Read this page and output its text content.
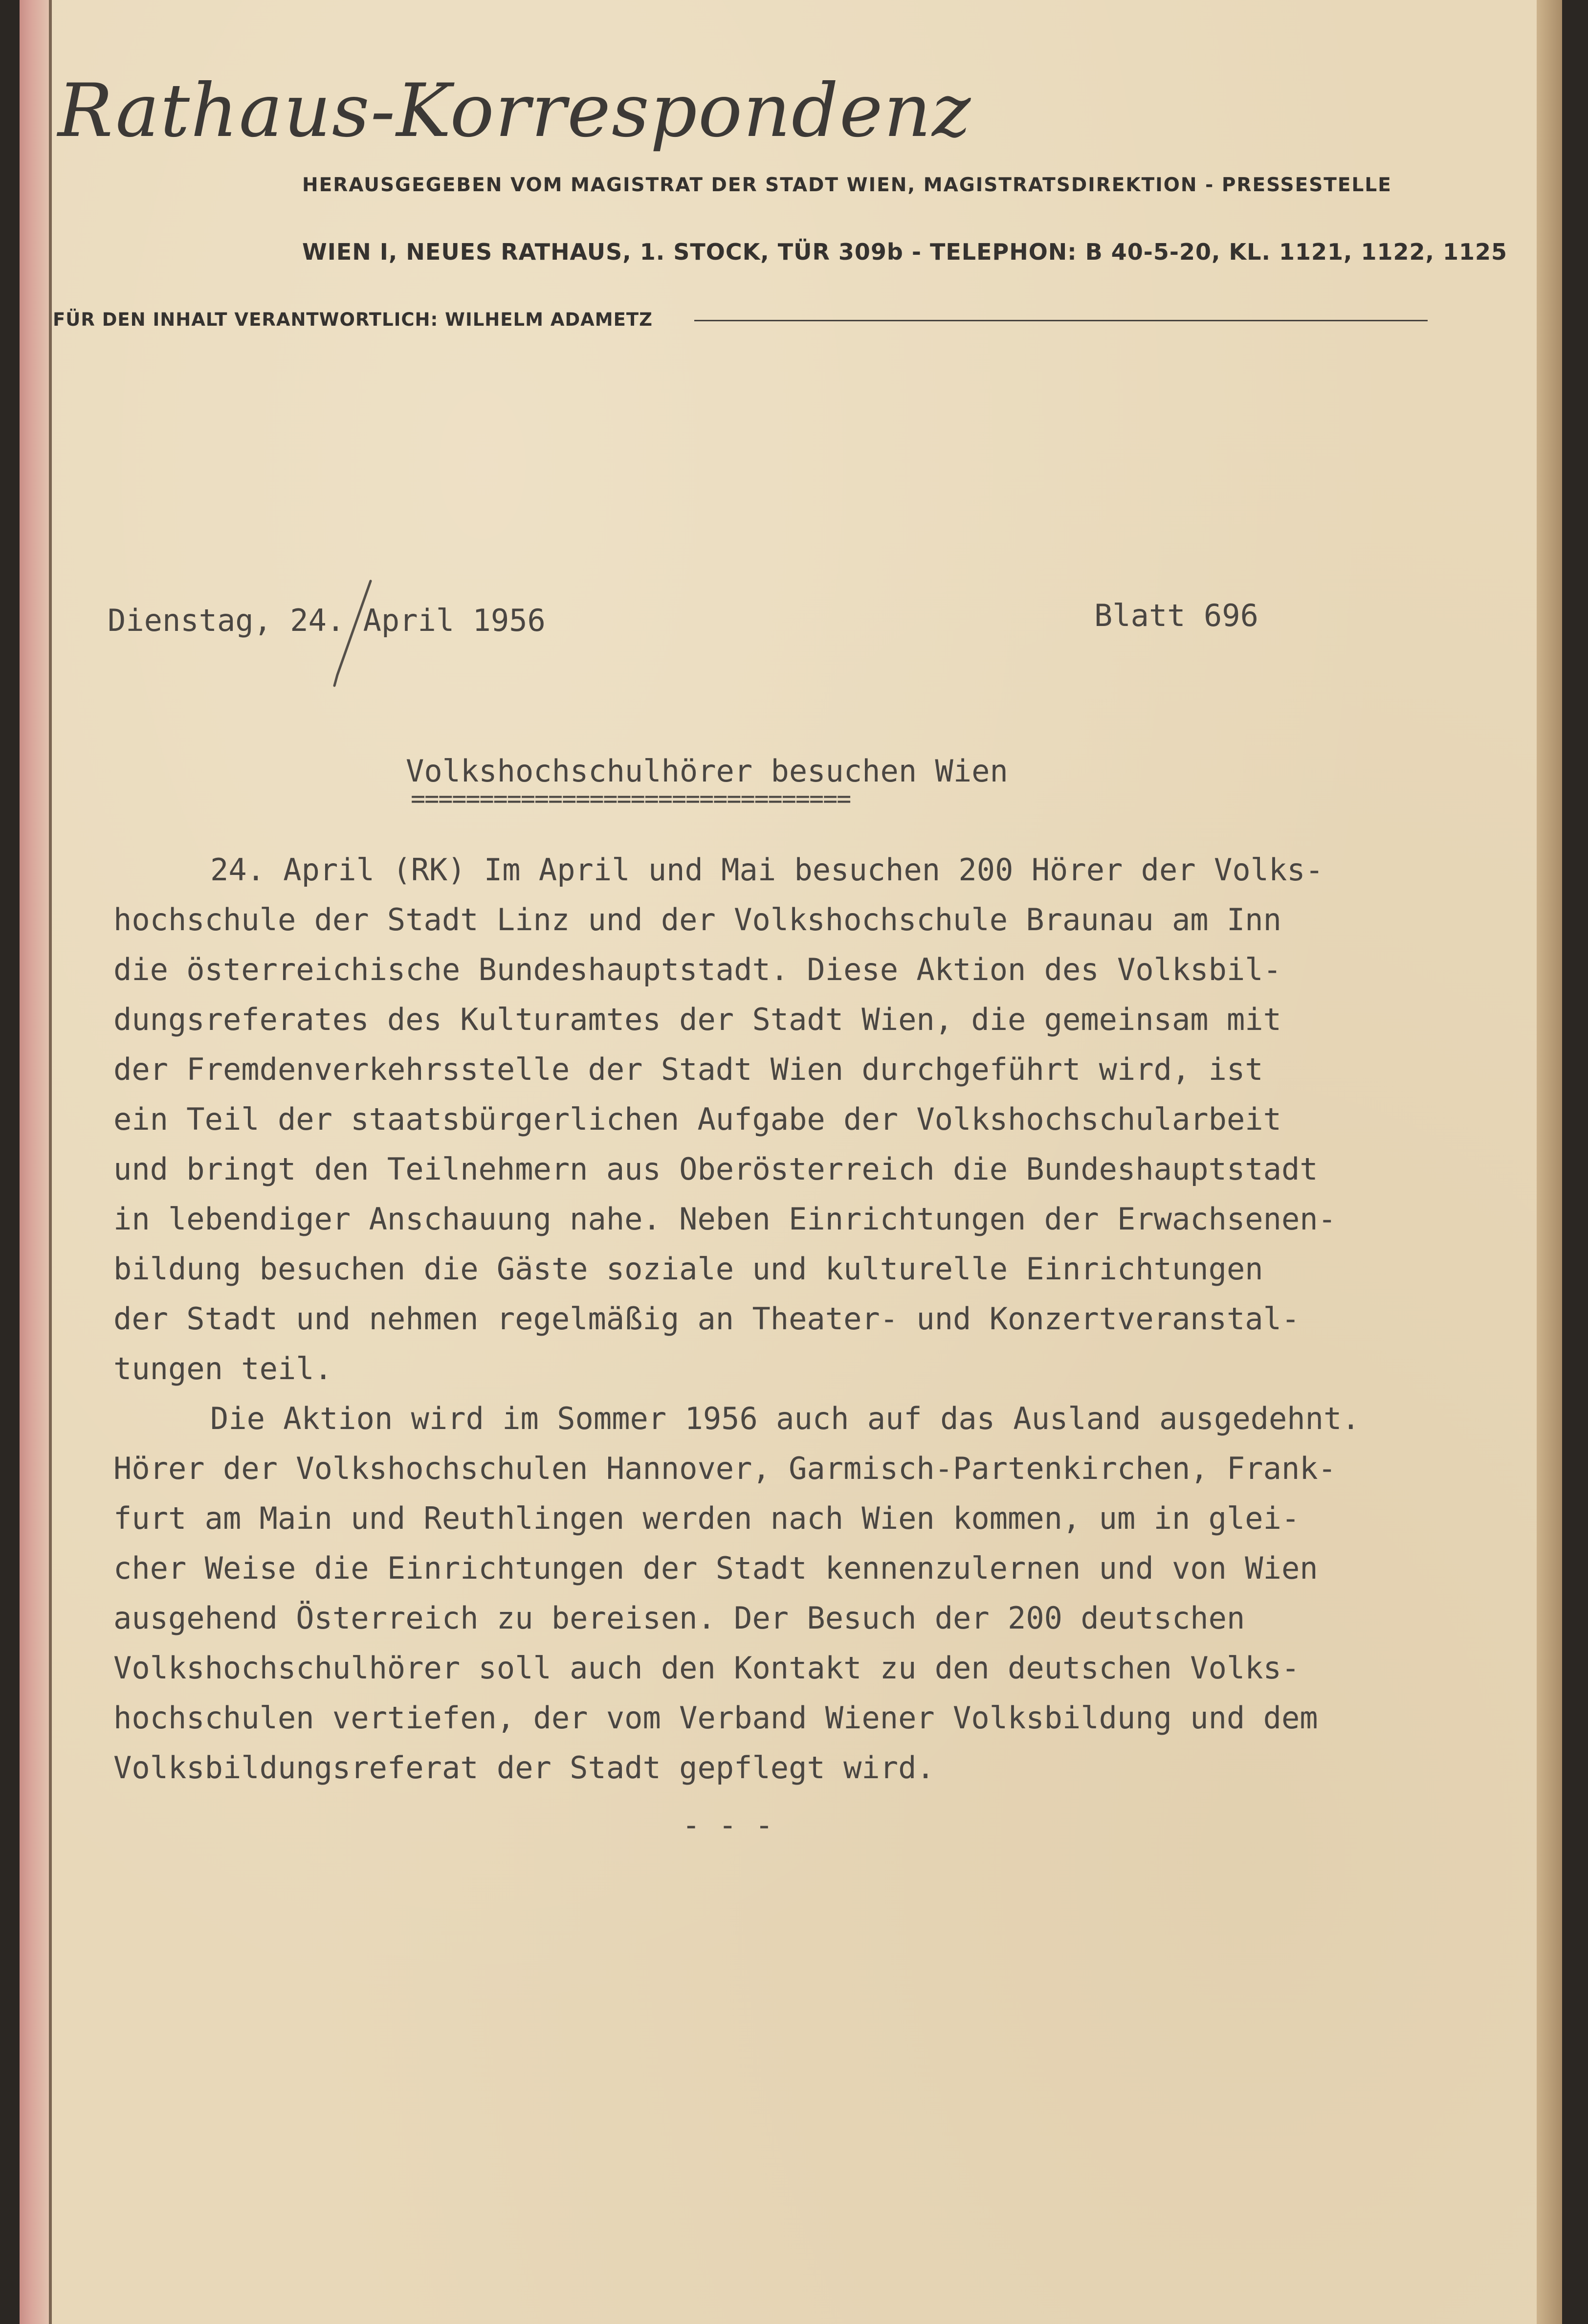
Rathaus-Korrespondenz
HERAUSGEGEBEN VOM MAGISTRAT DER STADT WIEN, MAGISTRATSDIREKTION - PRESSESTELLE
WIEN I, NEUES RATHAUS, 1. STOCK, TÜR 309b - TELEPHON: B 40-5-20, KL. 1121, 1122, 1125
FÜR DEN INHALT VERANTWORTLICH: WILHELM ADAMETZ
Dienstag, 24. April 1956	Blatt 696
Volkshochschulhörer besuchen Wien
================================
24. April (RK) Im April und Mai besuchen 200 Hörer der Volks-
hochschule der Stadt Linz und der Volkshochschule Braunau am Inn
die österreichische Bundeshauptstadt. Diese Aktion des Volksbil-
dungsreferates des Kulturamtes der Stadt Wien, die gemeinsam mit
der Fremdenverkehrsstelle der Stadt Wien durchgeführt wird, ist
ein Teil der staatsbürgerlichen Aufgabe der Volkshochschularbeit
und bringt den Teilnehmern aus Oberösterreich die Bundeshauptstadt
in lebendiger Anschauung nahe. Neben Einrichtungen der Erwachsenen-
bildung besuchen die Gäste soziale und kulturelle Einrichtungen
der Stadt und nehmen regelmäßig an Theater- und Konzertveranstal-
tungen teil.
Die Aktion wird im Sommer 1956 auch auf das Ausland ausgedehnt.
Hörer der Volkshochschulen Hannover, Garmisch-Partenkirchen, Frank-
furt am Main und Reuthlingen werden nach Wien kommen, um in glei-
cher Weise die Einrichtungen der Stadt kennenzulernen und von Wien
ausgehend Österreich zu bereisen. Der Besuch der 200 deutschen
Volkshochschulhörer soll auch den Kontakt zu den deutschen Volks-
hochschulen vertiefen, der vom Verband Wiener Volksbildung und dem
Volksbildungsreferat der Stadt gepflegt wird.
- - -
